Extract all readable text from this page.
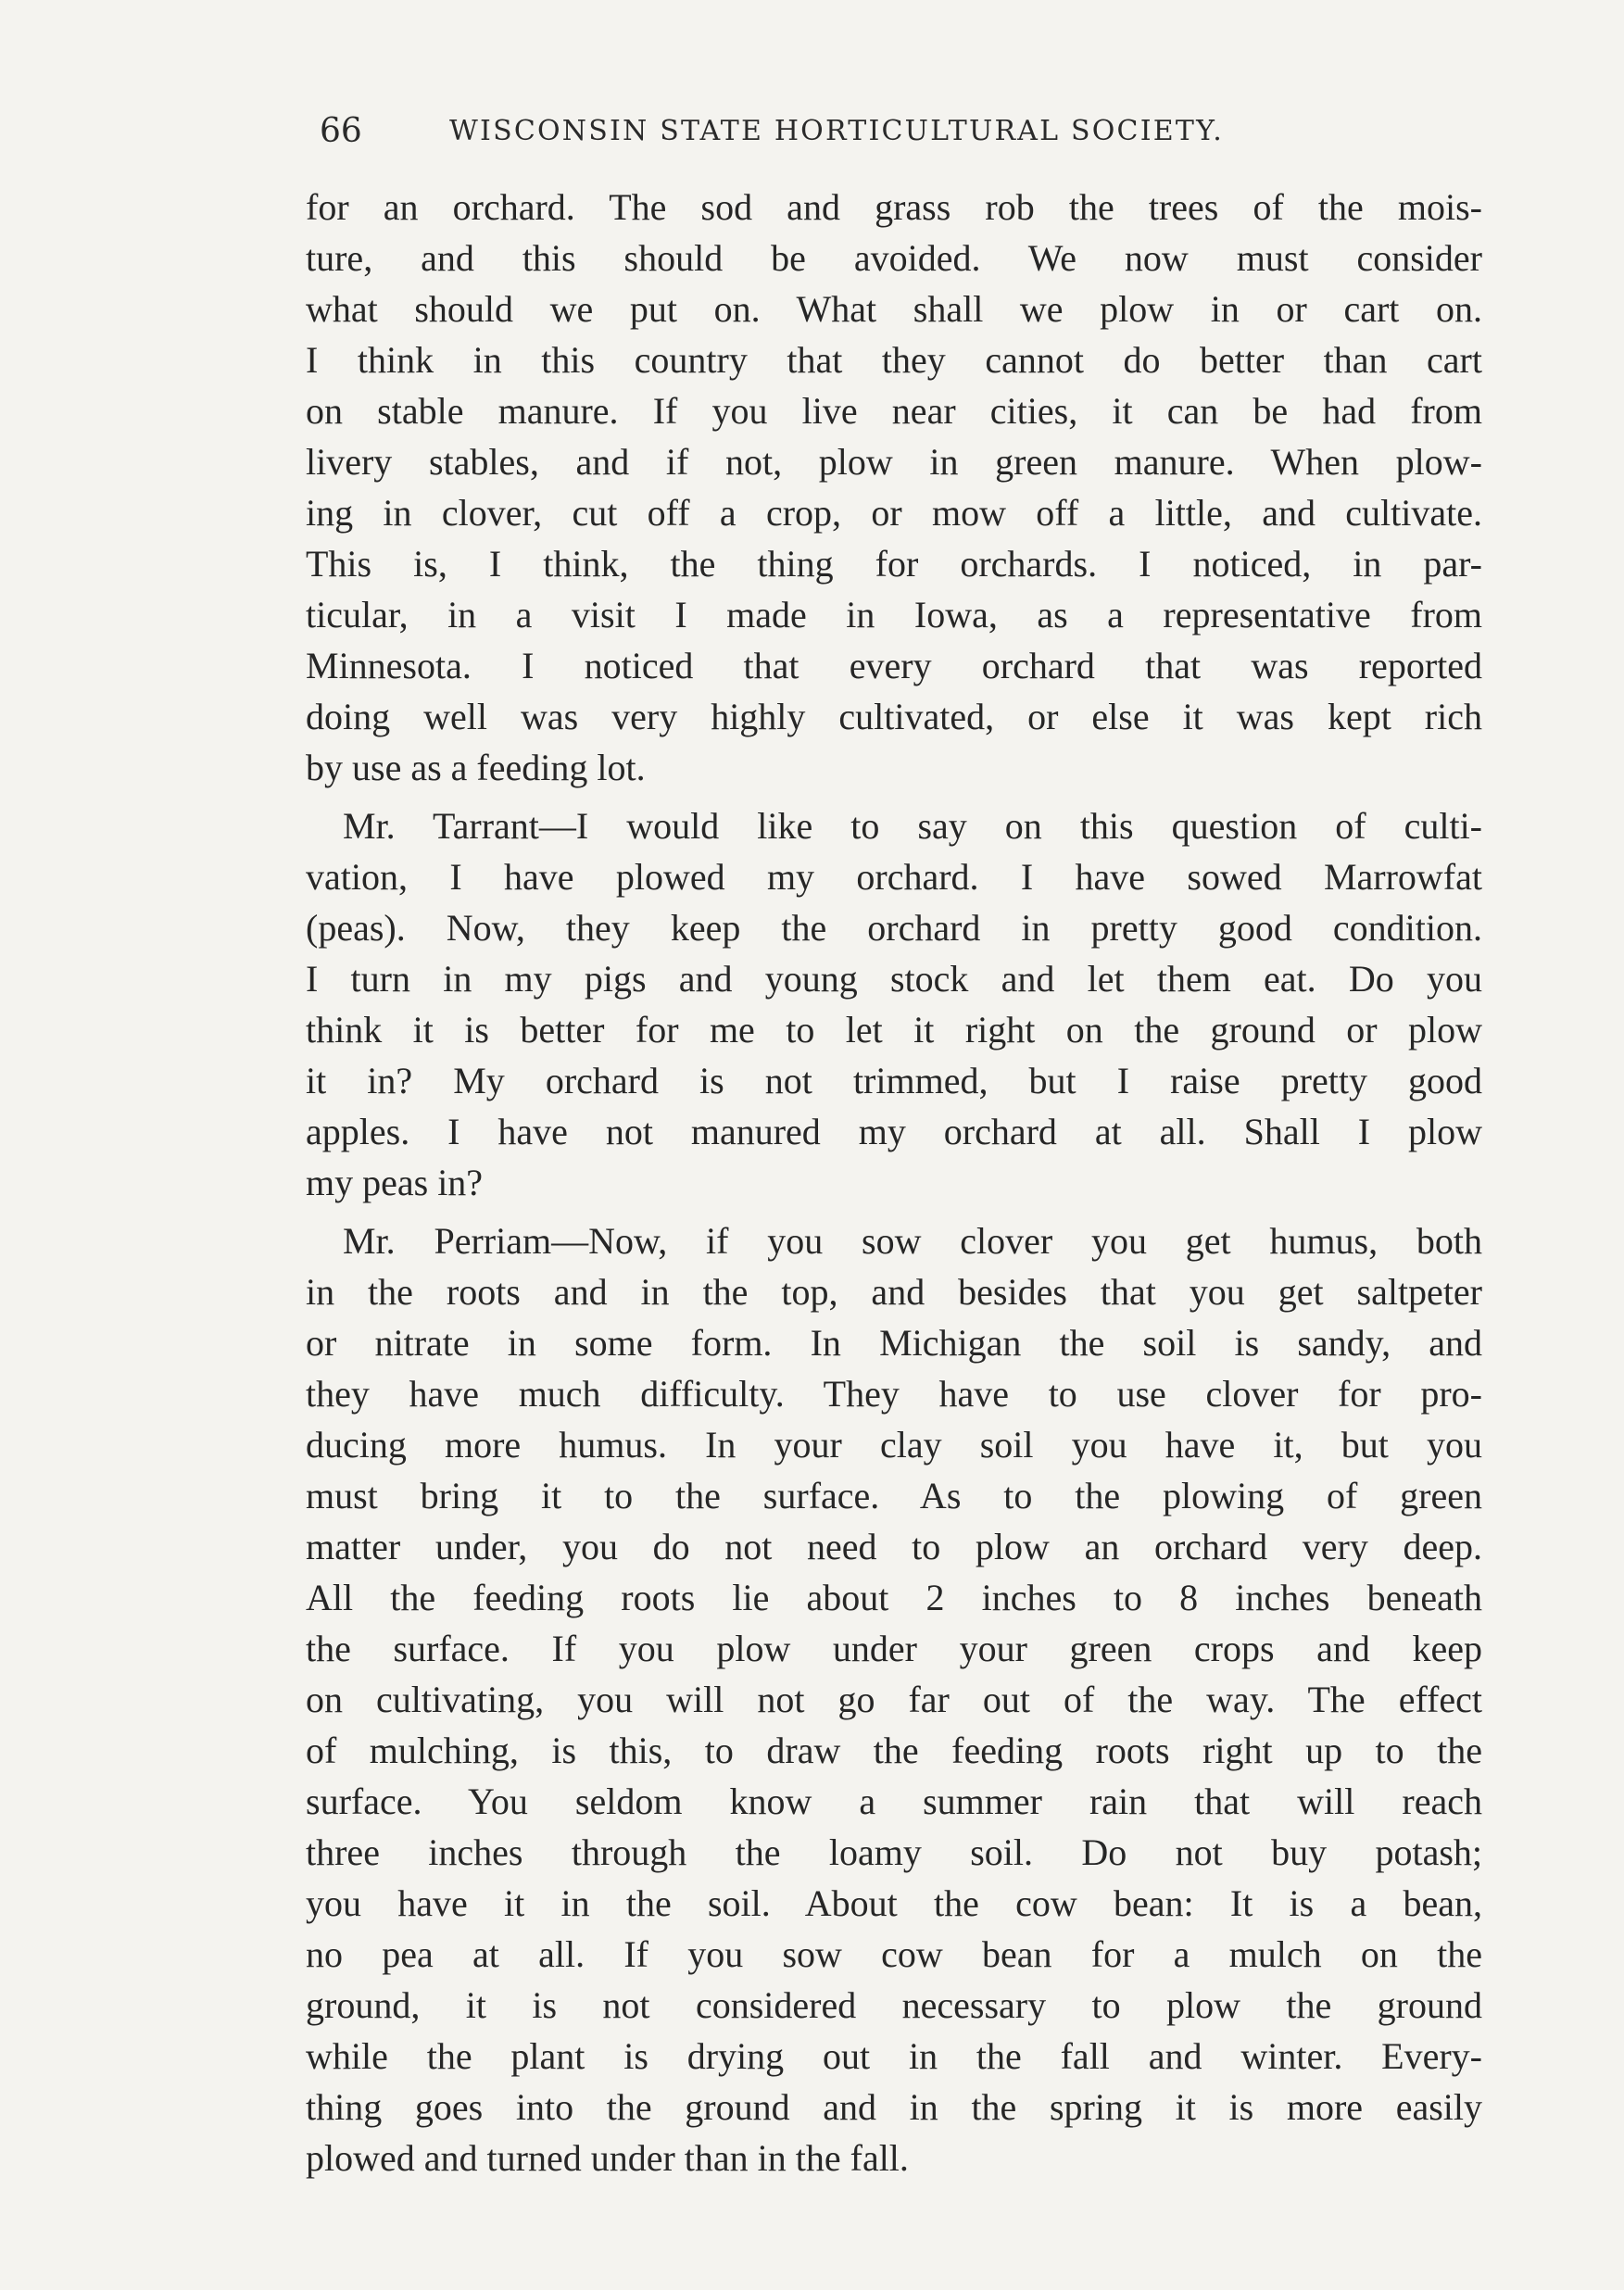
66	WISCONSIN STATE HORTICULTURAL SOCIETY.

for an orchard. The sod and grass rob the trees of the mois-
ture, and this should be avoided. We now must consider
what should we put on. What shall we plow in or cart on.
I think in this country that they cannot do better than cart
on stable manure. If you live near cities, it can be had from
livery stables, and if not, plow in green manure. When plow-
ing in clover, cut off a crop, or mow off a little, and cultivate.
This is, I think, the thing for orchards. I noticed, in par-
ticular, in a visit I made in Iowa, as a representative from
Minnesota. I noticed that every orchard that was reported
doing well was very highly cultivated, or else it was kept rich
by use as a feeding lot.

Mr. Tarrant—I would like to say on this question of culti-
vation, I have plowed my orchard. I have sowed Marrowfat
(peas). Now, they keep the orchard in pretty good condition.
I turn in my pigs and young stock and let them eat. Do you
think it is better for me to let it right on the ground or plow
it in? My orchard is not trimmed, but I raise pretty good
apples. I have not manured my orchard at all. Shall I plow
my peas in?

Mr. Perriam—Now, if you sow clover you get humus, both
in the roots and in the top, and besides that you get saltpeter
or nitrate in some form. In Michigan the soil is sandy, and
they have much difficulty. They have to use clover for pro-
ducing more humus. In your clay soil you have it, but you
must bring it to the surface. As to the plowing of green
matter under, you do not need to plow an orchard very deep.
All the feeding roots lie about 2 inches to 8 inches beneath
the surface. If you plow under your green crops and keep
on cultivating, you will not go far out of the way. The effect
of mulching, is this, to draw the feeding roots right up to the
surface. You seldom know a summer rain that will reach
three inches through the loamy soil. Do not buy potash;
you have it in the soil. About the cow bean: It is a bean,
no pea at all. If you sow cow bean for a mulch on the
ground, it is not considered necessary to plow the ground
while the plant is drying out in the fall and winter. Every-
thing goes into the ground and in the spring it is more easily
plowed and turned under than in the fall.
